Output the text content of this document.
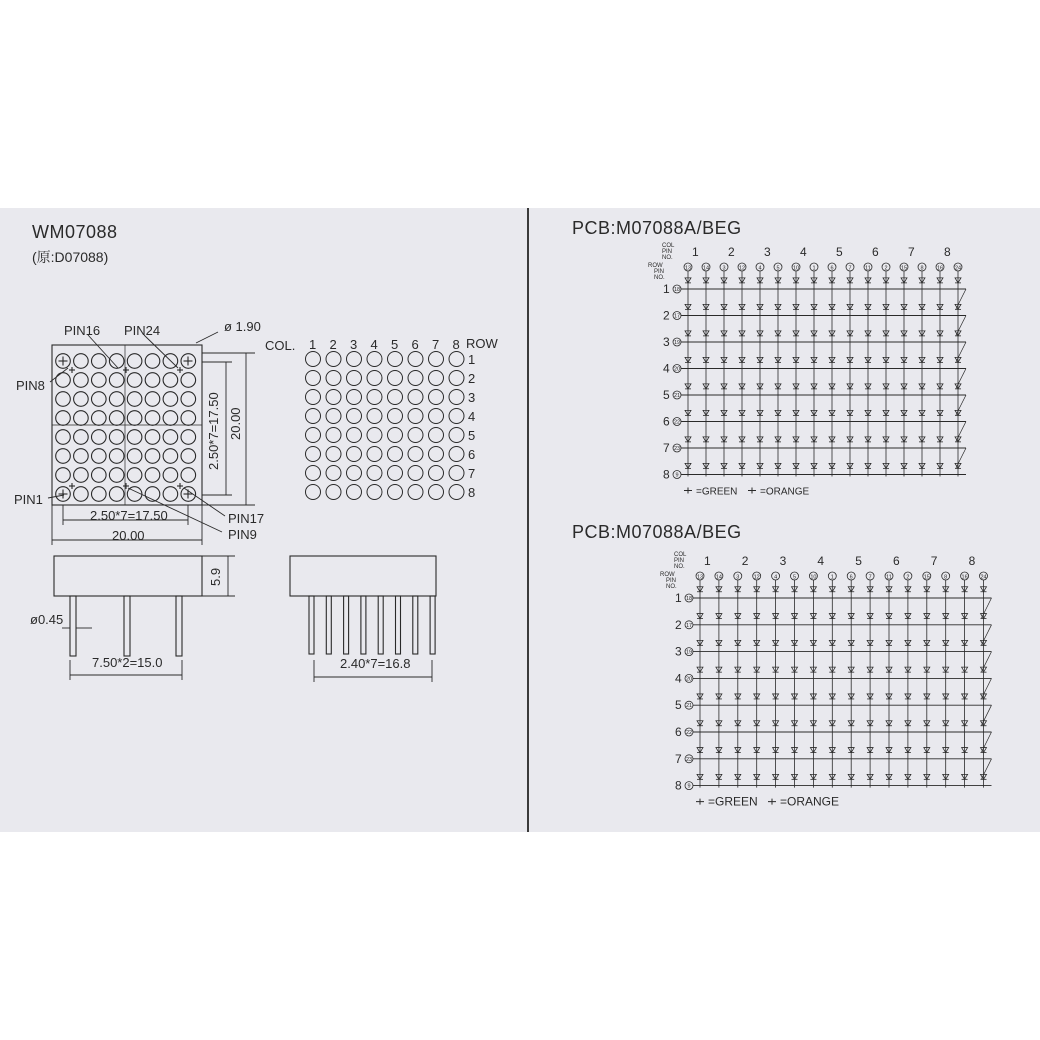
WM07088
(原:D07088)
PCB:M07088A/BEG
PCB:M07088A/BEG
PIN16 PIN24	ø 1.90
PIN8
PIN1
PIN17
PIN9
2.50*7=17.50
20.00
2.50*7=17.50 20.00
COL.	ROW
1 2 3 4 5 6 7 8
1
2
3
4
5
6
7
8
5.9
ø0.45
7.50*2=15.0	2.40*7=16.8
COL
PIN
NO.
ROW
PIN
NO.
1 2 3 4 5 6 7 8
13 14 3 12 4	5 10 1	6	7 11 2 15 8 16 24
1 18
2 17
3 19
4 20
5 21
6 22
7 23
8 9
=GREEN =ORANGE
COL
PIN
NO.
ROW
PIN
NO.
1	2	3	4	5	6	7	8
13 14	3	12	4	5	10	1	6	7	11	2	15	8	16 24
1 18
2 17
3 19
4 20
5 21
6 22
7 23
8 9
=GREEN =ORANGE
